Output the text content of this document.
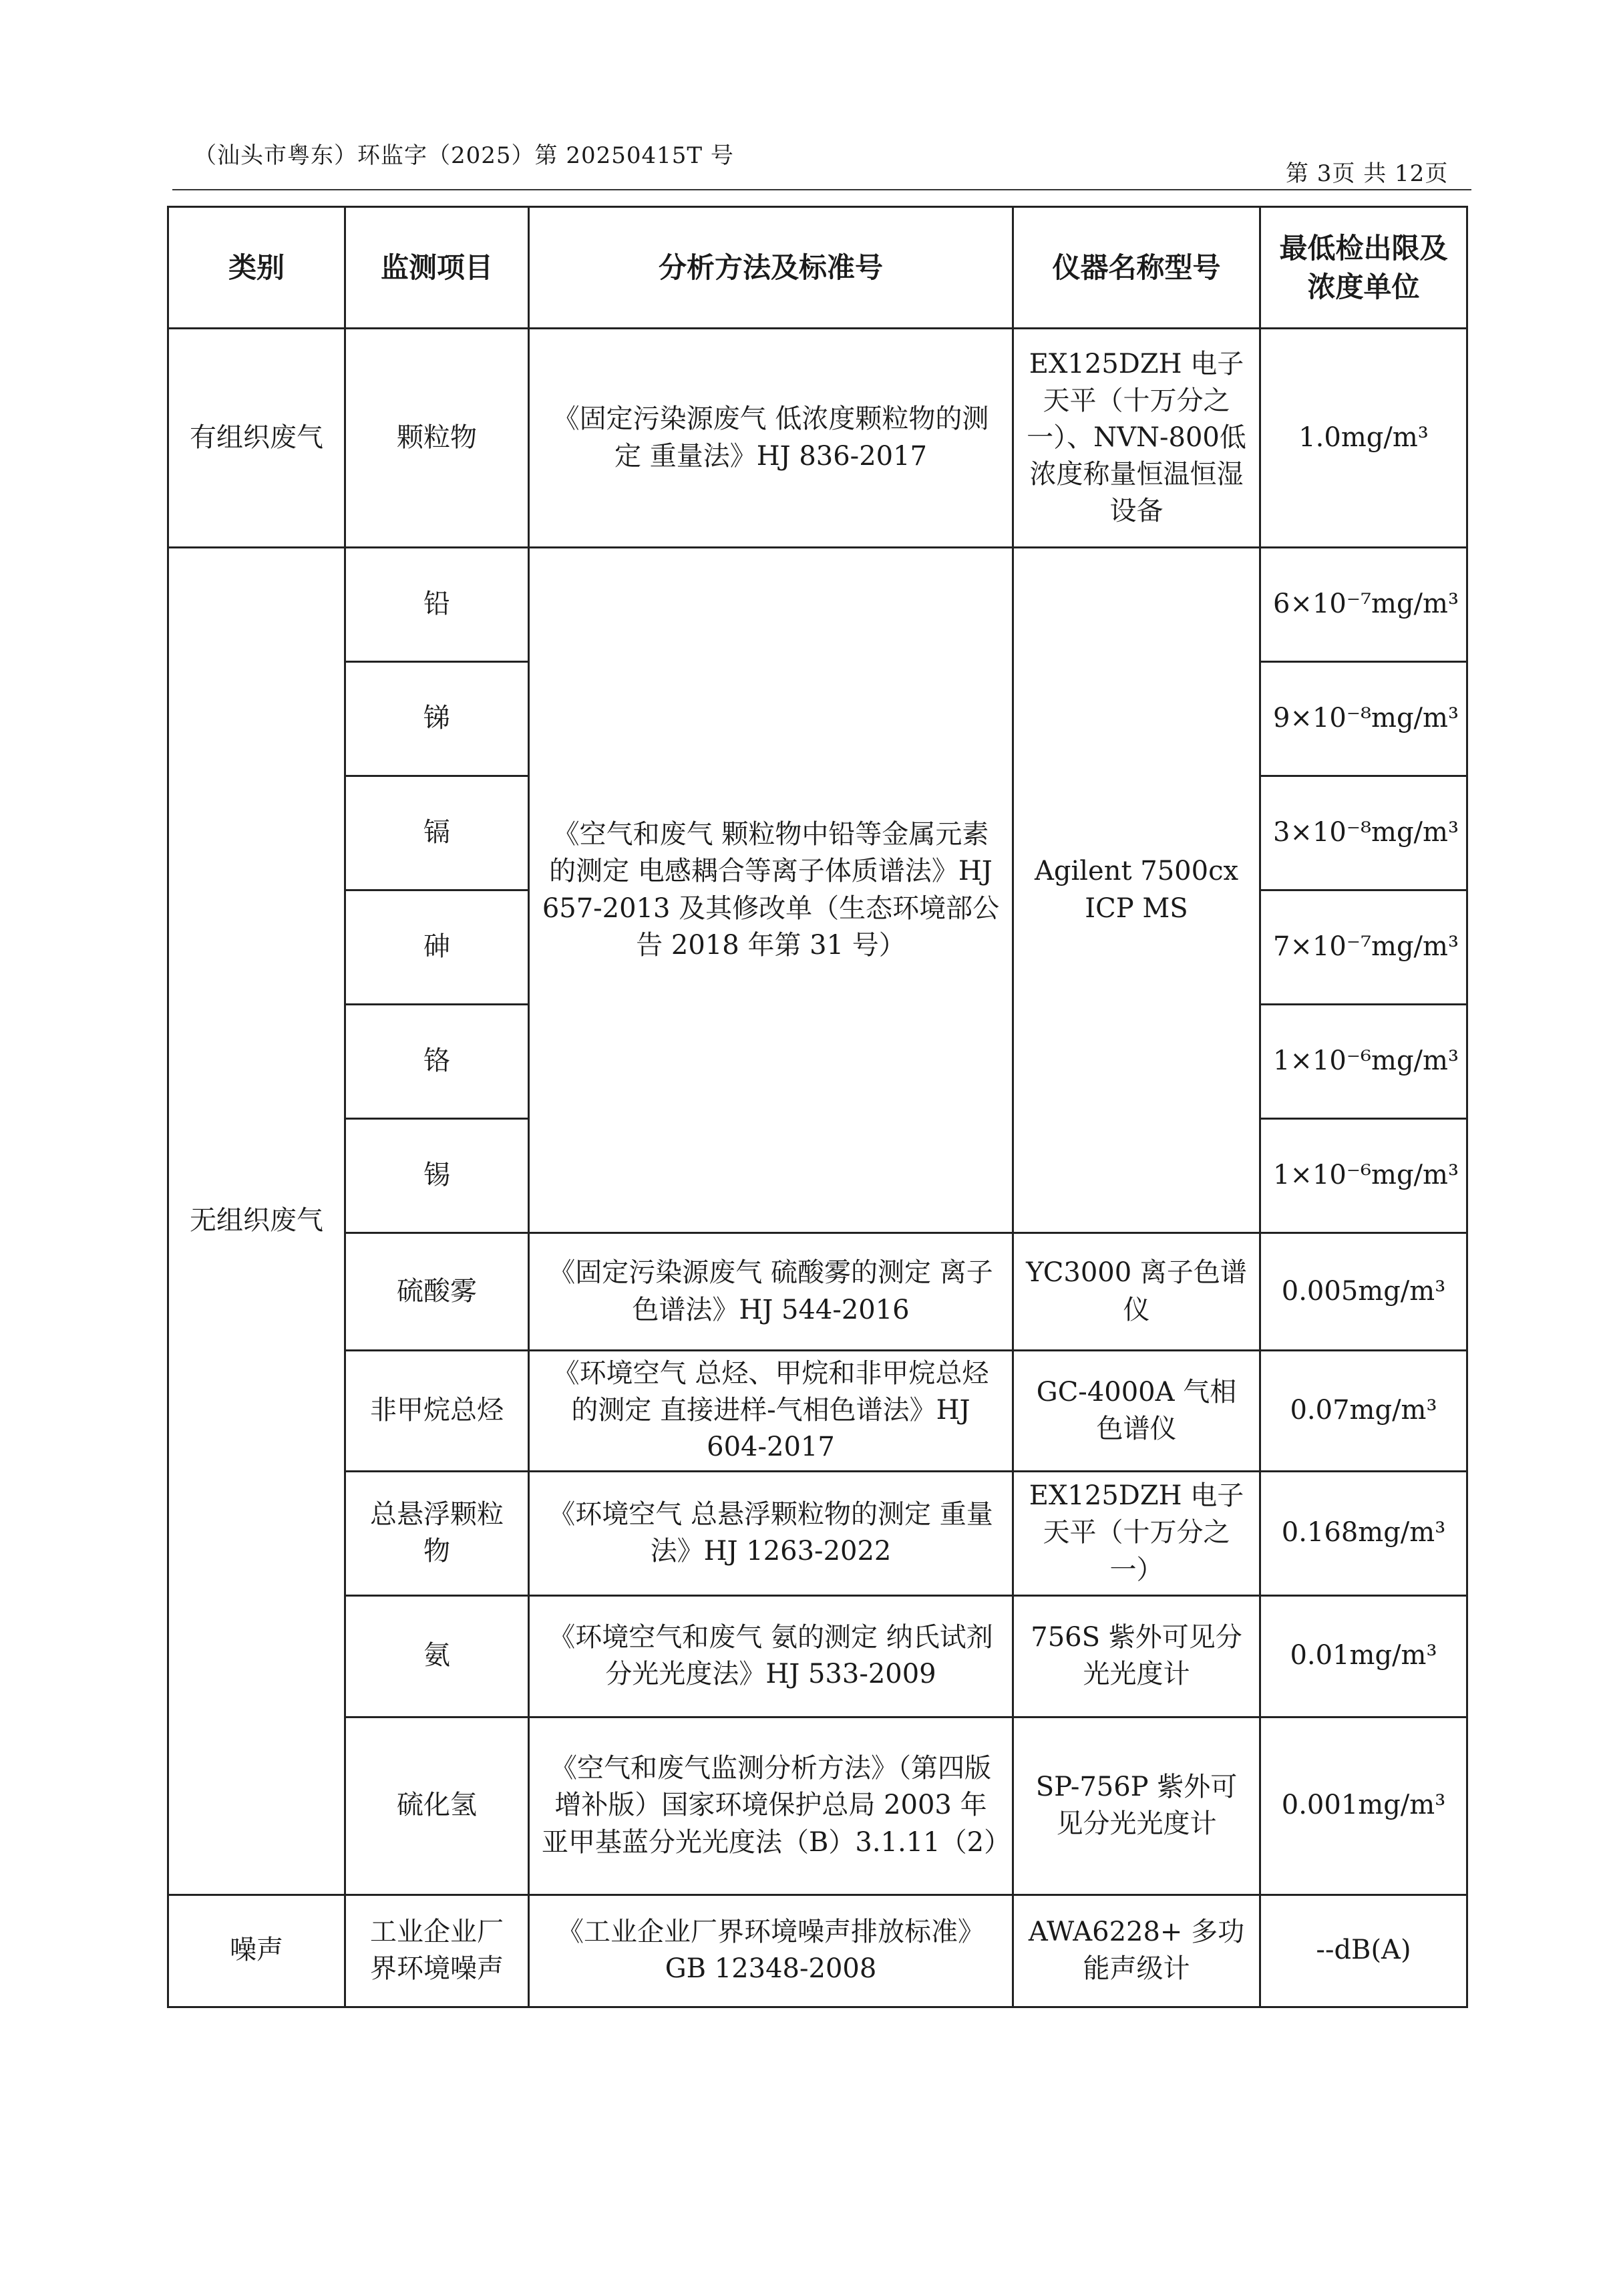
（汕头市粤东）环监字（2025）第 20250415T 号
第 3页 共 12页
类别	监测项目	分析方法及标准号	仪器名称型号	最低检出限及浓度单位
有组织废气	颗粒物	《固定污染源废气 低浓度颗粒物的测定 重量法》HJ 836-2017	EX125DZH 电子天平（十万分之一）、NVN-800低浓度称量恒温恒湿设备	1.0mg/m³
无组织废气	铅	《空气和废气 颗粒物中铅等金属元素的测定 电感耦合等离子体质谱法》HJ 657-2013 及其修改单（生态环境部公告 2018 年第 31 号）	Agilent 7500cx ICP MS	6×10⁻⁷mg/m³
	锑			9×10⁻⁸mg/m³
	镉			3×10⁻⁸mg/m³
	砷			7×10⁻⁷mg/m³
	铬			1×10⁻⁶mg/m³
	锡			1×10⁻⁶mg/m³
	硫酸雾	《固定污染源废气 硫酸雾的测定 离子色谱法》HJ 544-2016	YC3000 离子色谱仪	0.005mg/m³
	非甲烷总烃	《环境空气 总烃、甲烷和非甲烷总烃的测定 直接进样-气相色谱法》HJ 604-2017	GC-4000A 气相色谱仪	0.07mg/m³
	总悬浮颗粒物	《环境空气 总悬浮颗粒物的测定 重量法》HJ 1263-2022	EX125DZH 电子天平（十万分之一）	0.168mg/m³
	氨	《环境空气和废气 氨的测定 纳氏试剂分光光度法》HJ 533-2009	756S 紫外可见分光光度计	0.01mg/m³
	硫化氢	《空气和废气监测分析方法》（第四版增补版）国家环境保护总局 2003 年 亚甲基蓝分光光度法（B）3.1.11（2）	SP-756P 紫外可见分光光度计	0.001mg/m³
噪声	工业企业厂界环境噪声	《工业企业厂界环境噪声排放标准》GB 12348-2008	AWA6228+ 多功能声级计	--dB(A)
